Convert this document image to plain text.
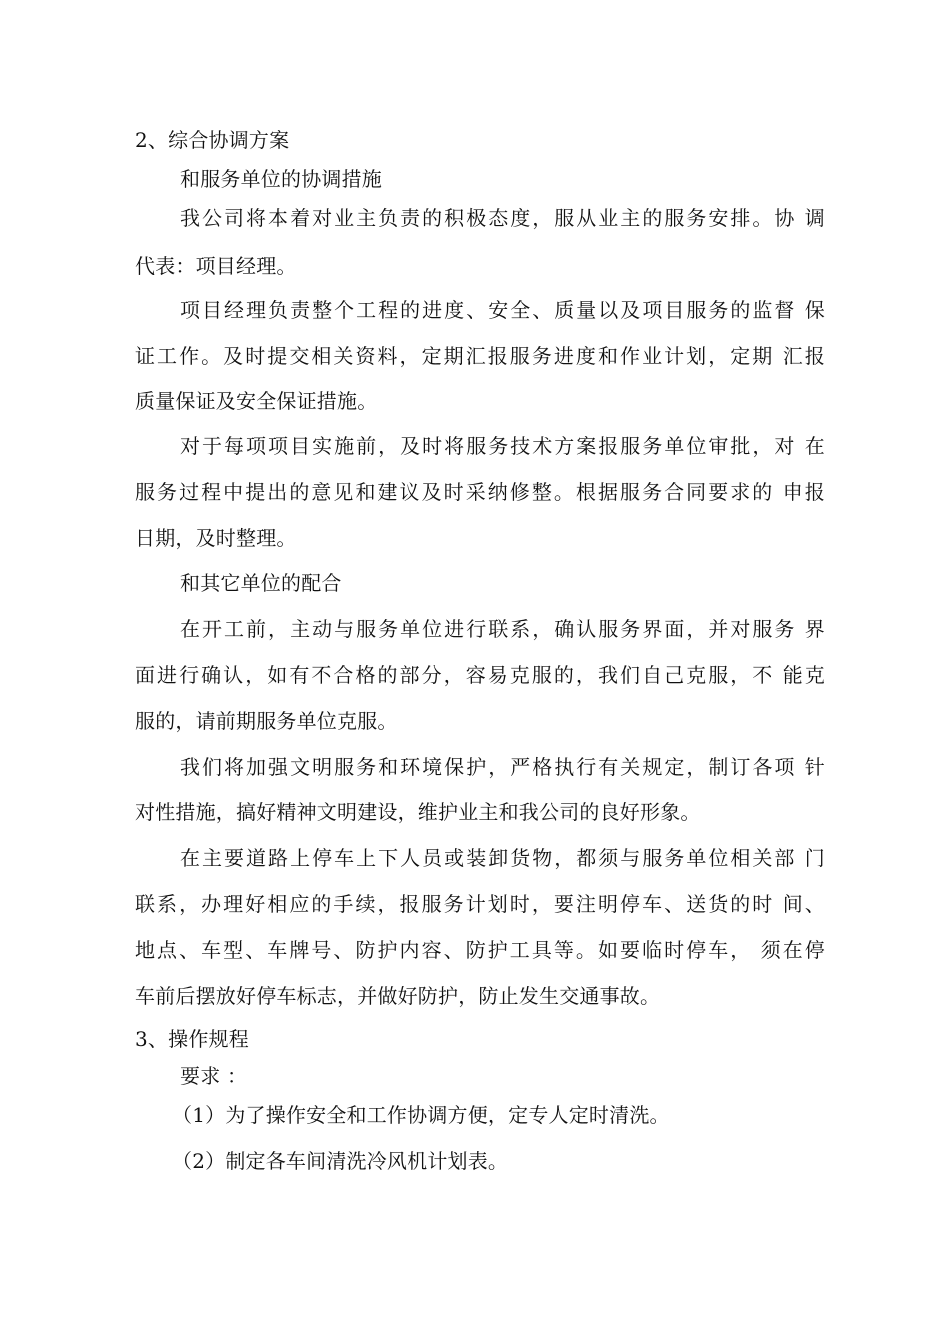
2、综合协调方案
和服务单位的协调措施
我公司将本着对业主负责的积极态度，服从业主的服务安排。协 调
代表：项目经理。
项目经理负责整个工程的进度、安全、质量以及项目服务的监督 保
证工作。及时提交相关资料，定期汇报服务进度和作业计划，定期 汇报
质量保证及安全保证措施。
对于每项项目实施前，及时将服务技术方案报服务单位审批，对 在
服务过程中提出的意见和建议及时采纳修整。根据服务合同要求的 申报
日期，及时整理。
和其它单位的配合
在开工前，主动与服务单位进行联系，确认服务界面，并对服务 界
面进行确认，如有不合格的部分，容易克服的，我们自己克服，不 能克
服的，请前期服务单位克服。
我们将加强文明服务和环境保护，严格执行有关规定，制订各项 针
对性措施，搞好精神文明建设，维护业主和我公司的良好形象。
在主要道路上停车上下人员或装卸货物，都须与服务单位相关部 门
联系，办理好相应的手续，报服务计划时，要注明停车、送货的时 间、
地点、车型、车牌号、防护内容、防护工具等。如要临时停车， 须在停
车前后摆放好停车标志，并做好防护，防止发生交通事故。
3、操作规程
要求 ：
（1）为了操作安全和工作协调方便，定专人定时清洗。
（2）制定各车间清洗冷风机计划表。
